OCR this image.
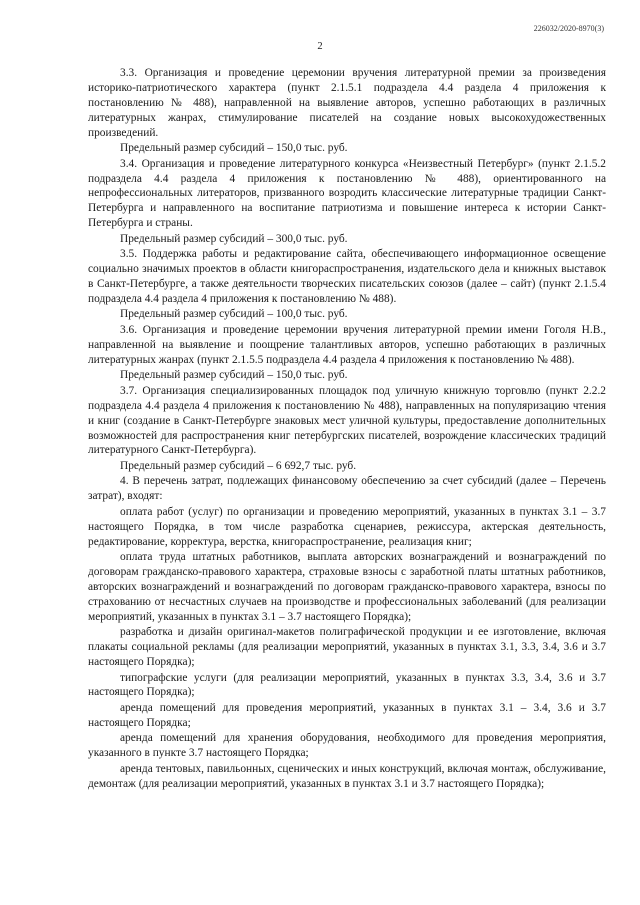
226032/2020-8970(3)
2

3.3. Организация и проведение церемонии вручения литературной премии за произведения историко-патриотического характера (пункт 2.1.5.1 подраздела 4.4 раздела 4 приложения к постановлению № 488), направленной на выявление авторов, успешно работающих в различных литературных жанрах, стимулирование писателей на создание новых высокохудожественных произведений.

Предельный размер субсидий – 150,0 тыс. руб.

3.4. Организация и проведение литературного конкурса «Неизвестный Петербург» (пункт 2.1.5.2 подраздела 4.4 раздела 4 приложения к постановлению № 488), ориентированного на непрофессиональных литераторов, призванного возродить классические литературные традиции Санкт-Петербурга и направленного на воспитание патриотизма и повышение интереса к истории Санкт-Петербурга и страны.

Предельный размер субсидий – 300,0 тыс. руб.

3.5. Поддержка работы и редактирование сайта, обеспечивающего информационное освещение социально значимых проектов в области книгораспространения, издательского дела и книжных выставок в Санкт-Петербурге, а также деятельности творческих писательских союзов (далее – сайт) (пункт 2.1.5.4 подраздела 4.4 раздела 4 приложения к постановлению № 488).

Предельный размер субсидий – 100,0 тыс. руб.

3.6. Организация и проведение церемонии вручения литературной премии имени Гоголя Н.В., направленной на выявление и поощрение талантливых авторов, успешно работающих в различных литературных жанрах (пункт 2.1.5.5 подраздела 4.4 раздела 4 приложения к постановлению № 488).

Предельный размер субсидий – 150,0 тыс. руб.

3.7. Организация специализированных площадок под уличную книжную торговлю (пункт 2.2.2 подраздела 4.4 раздела 4 приложения к постановлению № 488), направленных на популяризацию чтения и книг (создание в Санкт-Петербурге знаковых мест уличной культуры, предоставление дополнительных возможностей для распространения книг петербургских писателей, возрождение классических традиций литературного Санкт-Петербурга).

Предельный размер субсидий – 6 692,7 тыс. руб.

4. В перечень затрат, подлежащих финансовому обеспечению за счет субсидий (далее – Перечень затрат), входят:

оплата работ (услуг) по организации и проведению мероприятий, указанных в пунктах 3.1 – 3.7 настоящего Порядка, в том числе разработка сценариев, режиссура, актерская деятельность, редактирование, корректура, верстка, книгораспространение, реализация книг;

оплата труда штатных работников, выплата авторских вознаграждений и вознаграждений по договорам гражданско-правового характера, страховые взносы с заработной платы штатных работников, авторских вознаграждений и вознаграждений по договорам гражданско-правового характера, взносы по страхованию от несчастных случаев на производстве и профессиональных заболеваний (для реализации мероприятий, указанных в пунктах 3.1 – 3.7 настоящего Порядка);

разработка и дизайн оригинал-макетов полиграфической продукции и ее изготовление, включая плакаты социальной рекламы (для реализации мероприятий, указанных в пунктах 3.1, 3.3, 3.4, 3.6 и 3.7 настоящего Порядка);

типографские услуги (для реализации мероприятий, указанных в пунктах 3.3, 3.4, 3.6 и 3.7 настоящего Порядка);

аренда помещений для проведения мероприятий, указанных в пунктах 3.1 – 3.4, 3.6 и 3.7 настоящего Порядка;

аренда помещений для хранения оборудования, необходимого для проведения мероприятия, указанного в пункте 3.7 настоящего Порядка;

аренда тентовых, павильонных, сценических и иных конструкций, включая монтаж, обслуживание, демонтаж (для реализации мероприятий, указанных в пунктах 3.1 и 3.7 настоящего Порядка);
